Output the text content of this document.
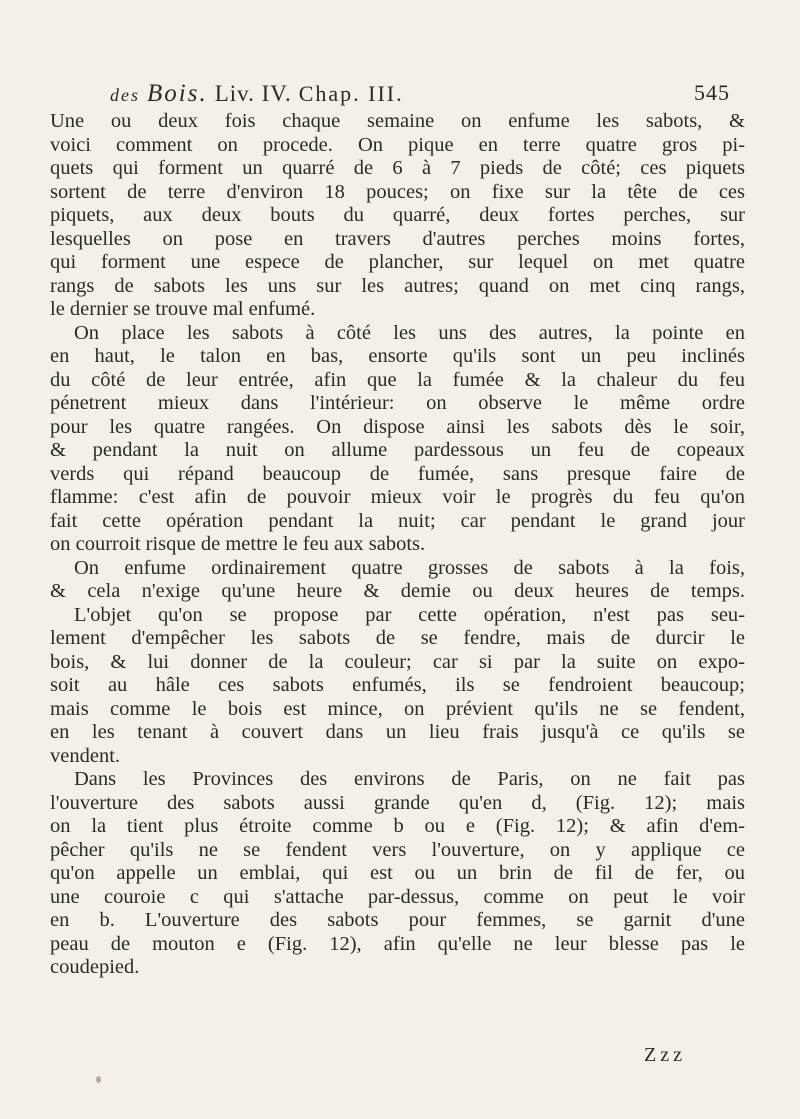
des Bois. Liv. IV. Chap. III.	545
Une ou deux fois chaque semaine on enfume les sabots, &
voici comment on procede. On pique en terre quatre gros pi-
quets qui forment un quarré de 6 à 7 pieds de côté; ces piquets
sortent de terre d'environ 18 pouces; on fixe sur la tête de ces
piquets, aux deux bouts du quarré, deux fortes perches, sur
lesquelles on pose en travers d'autres perches moins fortes,
qui forment une espece de plancher, sur lequel on met quatre
rangs de sabots les uns sur les autres; quand on met cinq rangs,
le dernier se trouve mal enfumé.
On place les sabots à côté les uns des autres, la pointe en
en haut, le talon en bas, ensorte qu'ils sont un peu inclinés
du côté de leur entrée, afin que la fumée & la chaleur du feu
pénetrent mieux dans l'intérieur: on observe le même ordre
pour les quatre rangées. On dispose ainsi les sabots dès le soir,
& pendant la nuit on allume pardessous un feu de copeaux
verds qui répand beaucoup de fumée, sans presque faire de
flamme: c'est afin de pouvoir mieux voir le progrès du feu qu'on
fait cette opération pendant la nuit; car pendant le grand jour
on courroit risque de mettre le feu aux sabots.
On enfume ordinairement quatre grosses de sabots à la fois,
& cela n'exige qu'une heure & demie ou deux heures de temps.
L'objet qu'on se propose par cette opération, n'est pas seu-
lement d'empêcher les sabots de se fendre, mais de durcir le
bois, & lui donner de la couleur; car si par la suite on expo-
soit au hâle ces sabots enfumés, ils se fendroient beaucoup;
mais comme le bois est mince, on prévient qu'ils ne se fendent,
en les tenant à couvert dans un lieu frais jusqu'à ce qu'ils se
vendent.
Dans les Provinces des environs de Paris, on ne fait pas
l'ouverture des sabots aussi grande qu'en d, (Fig. 12); mais
on la tient plus étroite comme b ou e (Fig. 12); & afin d'em-
pêcher qu'ils ne se fendent vers l'ouverture, on y applique ce
qu'on appelle un emblai, qui est ou un brin de fil de fer, ou
une couroie c qui s'attache par-dessus, comme on peut le voir
en b. L'ouverture des sabots pour femmes, se garnit d'une
peau de mouton e (Fig. 12), afin qu'elle ne leur blesse pas le
coudepied.
Zzz
